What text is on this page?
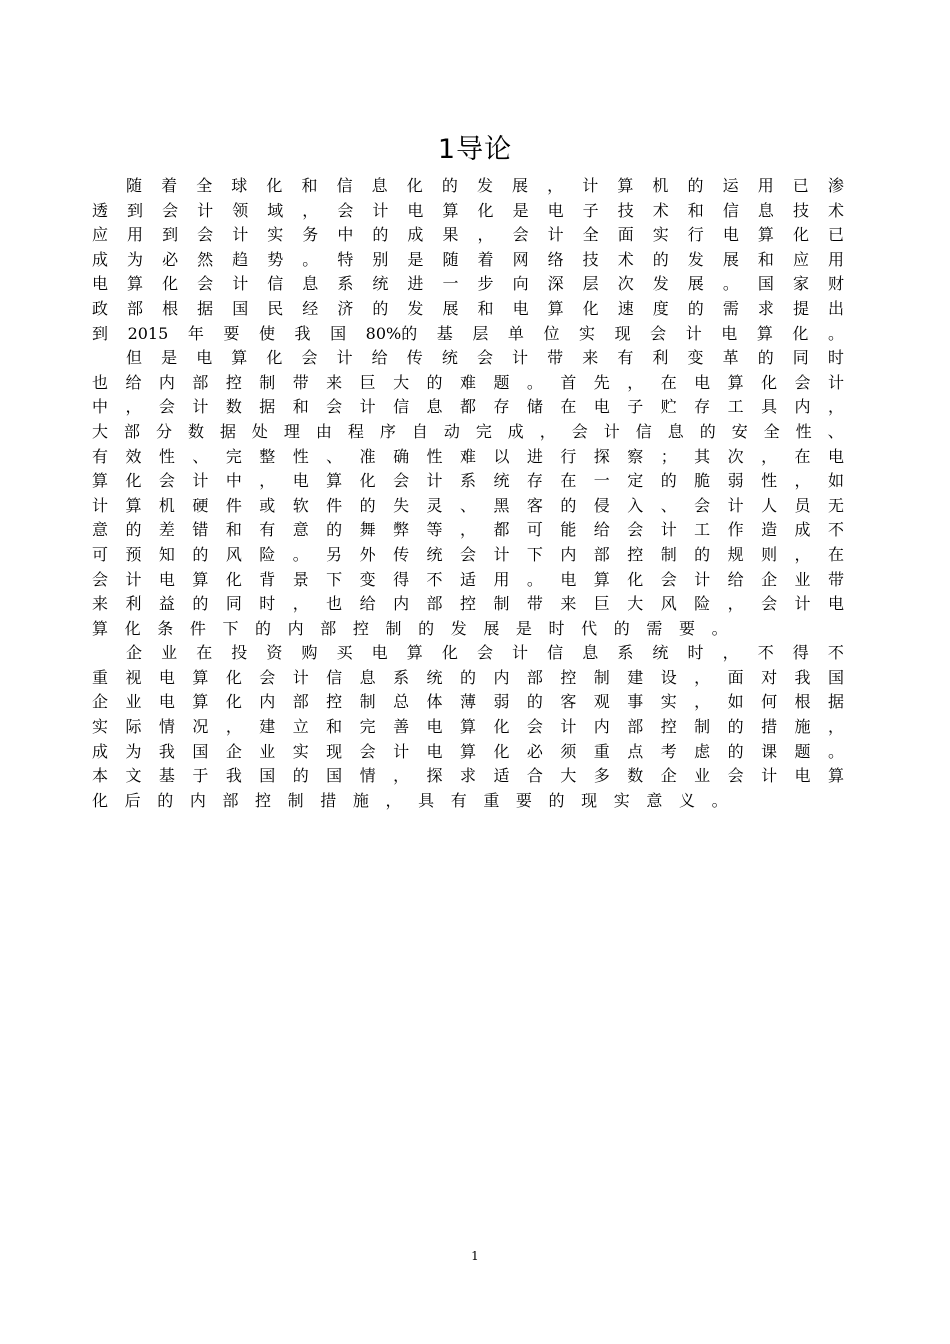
1导论
随 着 全 球 化 和 信 息 化 的 发 展 ， 计 算 机 的 运 用 已 渗
透 到 会 计 领 域 ， 会 计 电 算 化 是 电 子 技 术 和 信 息 技 术
应 用 到 会 计 实 务 中 的 成 果 ， 会 计 全 面 实 行 电 算 化 已
成 为 必 然 趋 势 。 特 别 是 随 着 网 络 技 术 的 发 展 和 应 用
电 算 化 会 计 信 息 系 统 进 一 步 向 深 层 次 发 展 。 国 家 财
政 部 根 据 国 民 经 济 的 发 展 和 电 算 化 速 度 的 需 求 提 出
到 2015 年 要 使 我 国 80%的 基 层 单 位 实 现 会 计 电 算 化 。
但 是 电 算 化 会 计 给 传 统 会 计 带 来 有 利 变 革 的 同 时
也 给 内 部 控 制 带 来 巨 大 的 难 题 。 首 先 ， 在 电 算 化 会 计
中 ， 会 计 数 据 和 会 计 信 息 都 存 储 在 电 子 贮 存 工 具 内 ，
大 部 分 数 据 处 理 由 程 序 自 动 完 成 ， 会 计 信 息 的 安 全 性 、
有 效 性 、 完 整 性 、 准 确 性 难 以 进 行 探 察 ； 其 次 ， 在 电
算 化 会 计 中 ， 电 算 化 会 计 系 统 存 在 一 定 的 脆 弱 性 ， 如
计 算 机 硬 件 或 软 件 的 失 灵 、 黑 客 的 侵 入 、 会 计 人 员 无
意 的 差 错 和 有 意 的 舞 弊 等 ， 都 可 能 给 会 计 工 作 造 成 不
可 预 知 的 风 险 。 另 外 传 统 会 计 下 内 部 控 制 的 规 则 ， 在
会 计 电 算 化 背 景 下 变 得 不 适 用 。 电 算 化 会 计 给 企 业 带
来 利 益 的 同 时 ， 也 给 内 部 控 制 带 来 巨 大 风 险 ， 会 计 电
算 化 条 件 下 的 内 部 控 制 的 发 展 是 时 代 的 需 要 。
企 业 在 投 资 购 买 电 算 化 会 计 信 息 系 统 时 ， 不 得 不
重 视 电 算 化 会 计 信 息 系 统 的 内 部 控 制 建 设 ， 面 对 我 国
企 业 电 算 化 内 部 控 制 总 体 薄 弱 的 客 观 事 实 ， 如 何 根 据
实 际 情 况 ， 建 立 和 完 善 电 算 化 会 计 内 部 控 制 的 措 施 ，
成 为 我 国 企 业 实 现 会 计 电 算 化 必 须 重 点 考 虑 的 课 题 。
本 文 基 于 我 国 的 国 情 ， 探 求 适 合 大 多 数 企 业 会 计 电 算
化 后 的 内 部 控 制 措 施 ， 具 有 重 要 的 现 实 意 义 。
1
